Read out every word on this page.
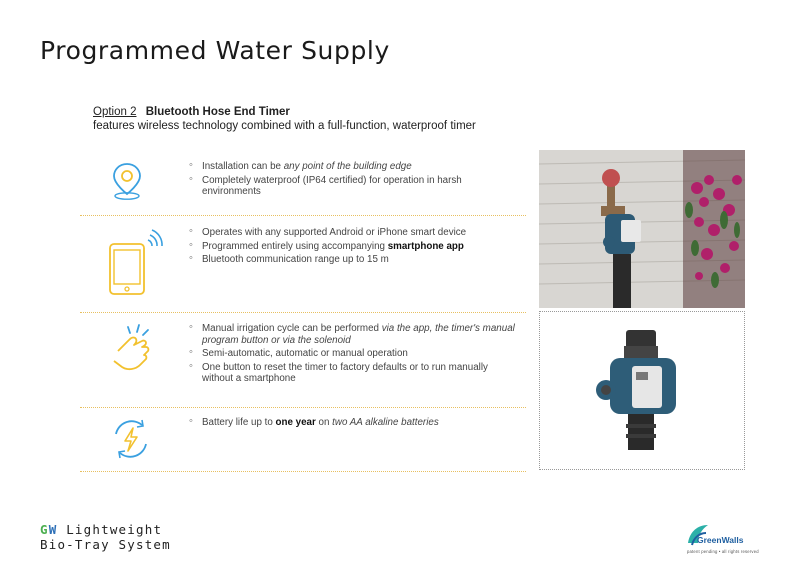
Programmed Water Supply
Option 2 Bluetooth Hose End Timer
features wireless technology combined with a full-function, waterproof timer
◦ Installation can be any point of the building edge
◦ Completely waterproof (IP64 certified) for operation in harsh environments
◦ Operates with any supported Android or iPhone smart device
◦ Programmed entirely using accompanying smartphone app
◦ Bluetooth communication range up to 15 m
◦ Manual irrigation cycle can be performed via the app, the timer's manual program button or via the solenoid
◦ Semi-automatic, automatic or manual operation
◦ One button to reset the timer to factory defaults or to run manually without a smartphone
◦ Battery life up to one year on two AA alkaline batteries
GW Lightweight
Bio-Tray System	GreenWalls
patent pending • all rights reserved
